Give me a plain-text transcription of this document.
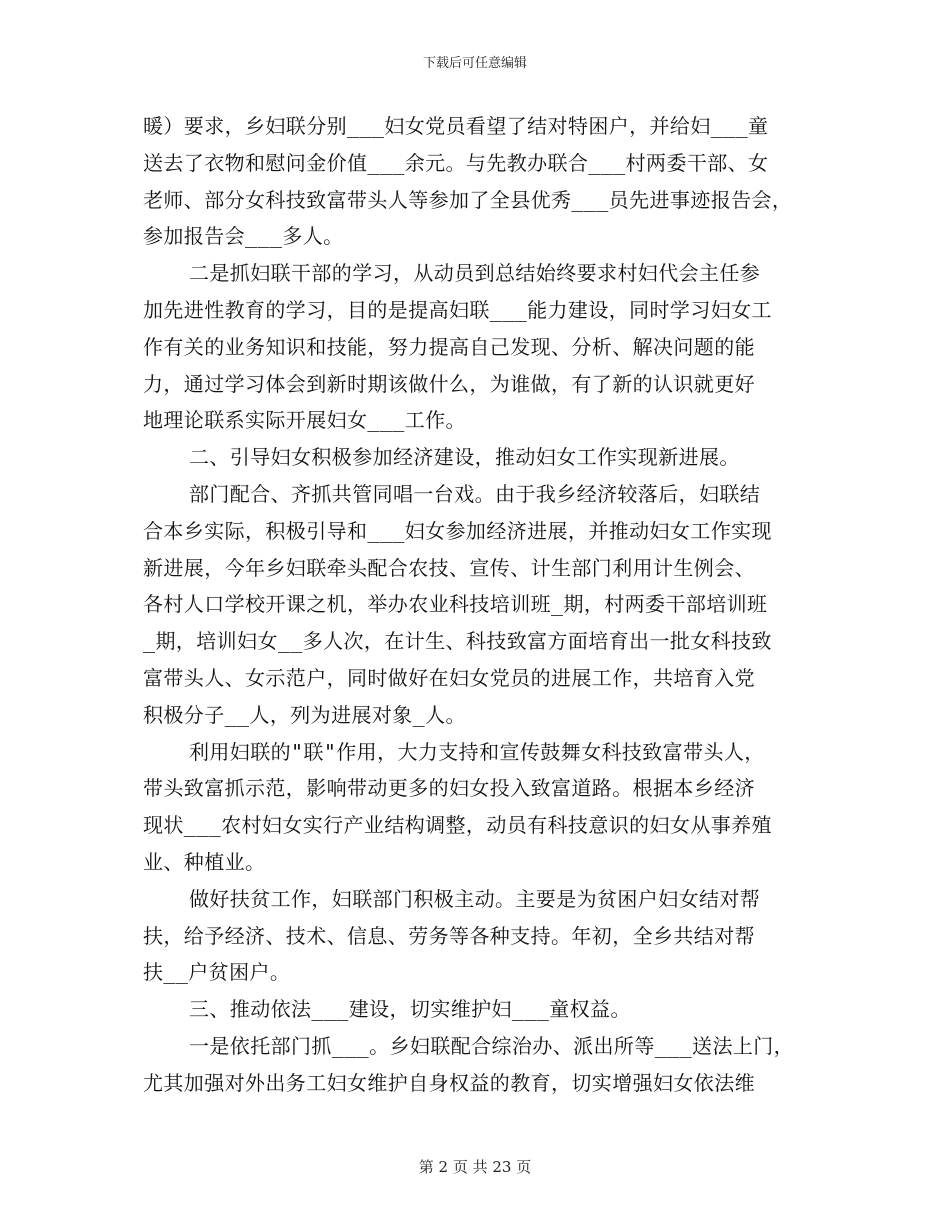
下载后可任意编辑
暖）要求，乡妇联分别___妇女党员看望了结对特困户，并给妇___童
送去了衣物和慰问金价值___余元。与先教办联合___村两委干部、女
老师、部分女科技致富带头人等参加了全县优秀___员先进事迹报告会，
参加报告会___多人。
二是抓妇联干部的学习，从动员到总结始终要求村妇代会主任参
加先进性教育的学习，目的是提高妇联___能力建设，同时学习妇女工
作有关的业务知识和技能，努力提高自己发现、分析、解决问题的能
力，通过学习体会到新时期该做什么，为谁做，有了新的认识就更好
地理论联系实际开展妇女___工作。
二、引导妇女积极参加经济建设，推动妇女工作实现新进展。
部门配合、齐抓共管同唱一台戏。由于我乡经济较落后，妇联结
合本乡实际，积极引导和___妇女参加经济进展，并推动妇女工作实现
新进展，今年乡妇联牵头配合农技、宣传、计生部门利用计生例会、
各村人口学校开课之机，举办农业科技培训班_期，村两委干部培训班
_期，培训妇女__多人次，在计生、科技致富方面培育出一批女科技致
富带头人、女示范户，同时做好在妇女党员的进展工作，共培育入党
积极分子__人，列为进展对象_人。
利用妇联的"联"作用，大力支持和宣传鼓舞女科技致富带头人，
带头致富抓示范，影响带动更多的妇女投入致富道路。根据本乡经济
现状___农村妇女实行产业结构调整，动员有科技意识的妇女从事养殖
业、种植业。
做好扶贫工作，妇联部门积极主动。主要是为贫困户妇女结对帮
扶，给予经济、技术、信息、劳务等各种支持。年初，全乡共结对帮
扶__户贫困户。
三、推动依法___建设，切实维护妇___童权益。
一是依托部门抓___。乡妇联配合综治办、派出所等___送法上门，
尤其加强对外出务工妇女维护自身权益的教育，切实增强妇女依法维
第 2 页 共 23 页
